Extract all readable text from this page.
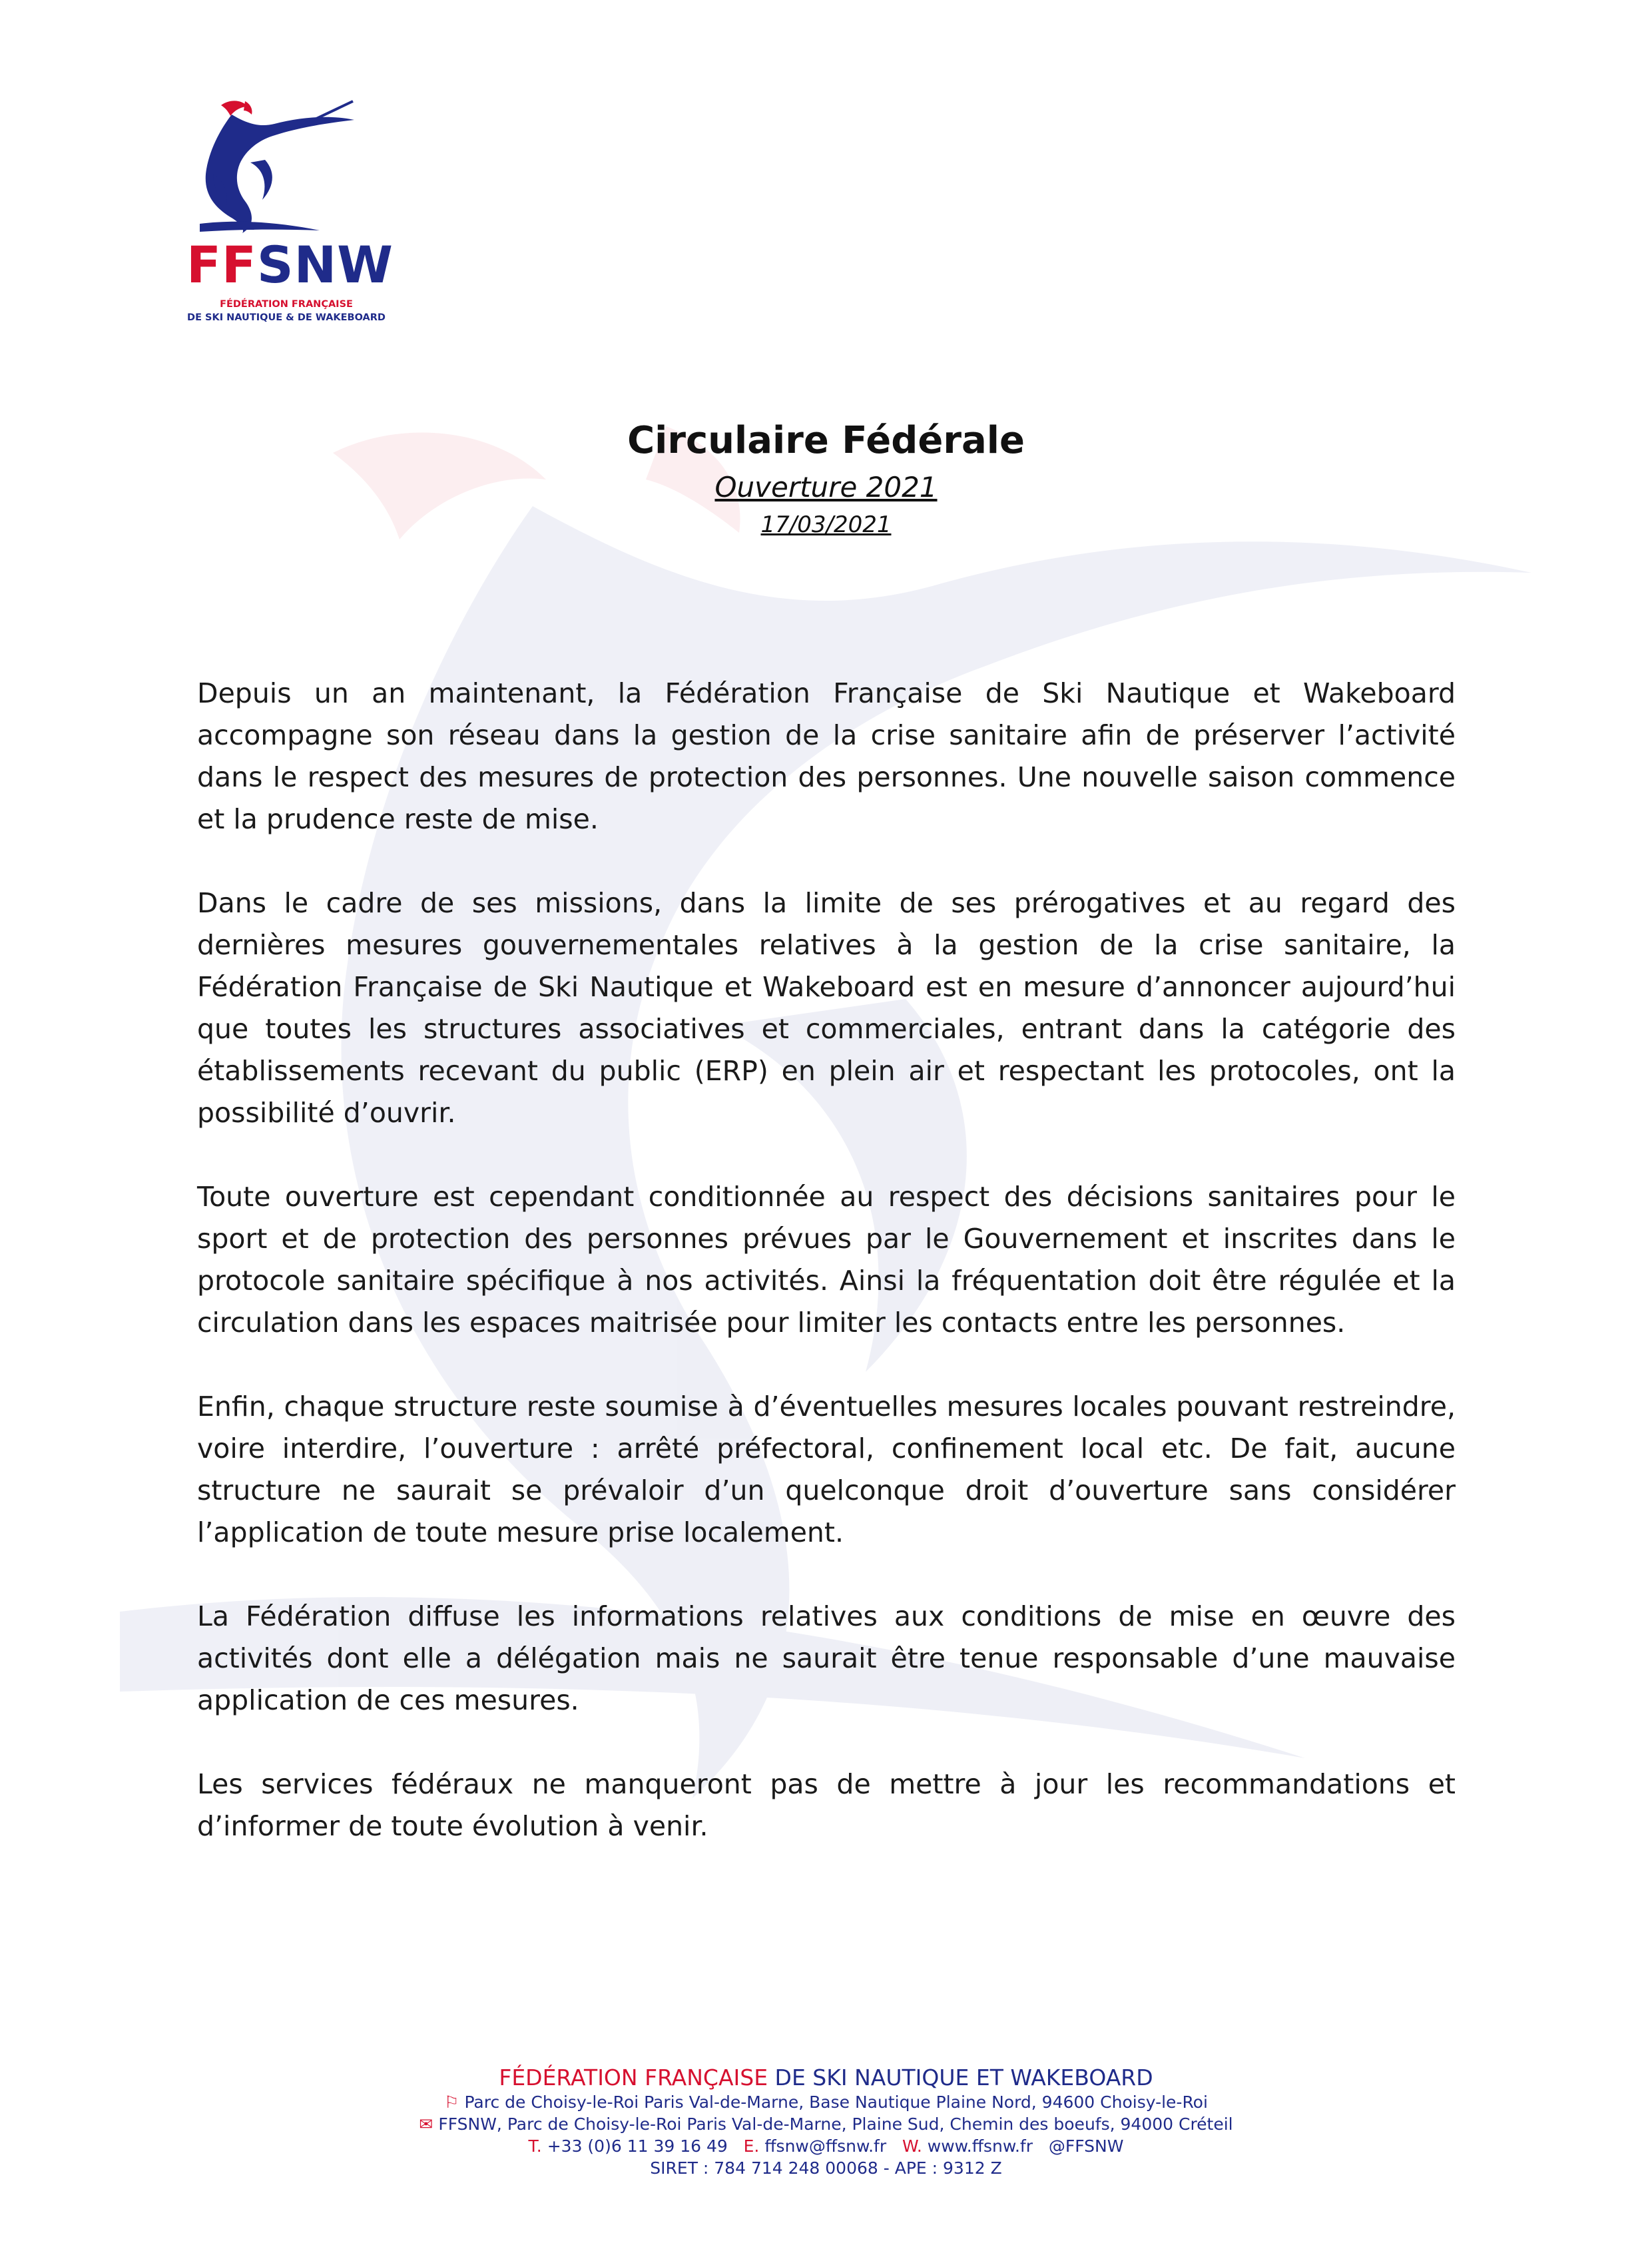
FFSNW
FÉDÉRATION FRANÇAISE
DE SKI NAUTIQUE & DE WAKEBOARD
Circulaire Fédérale
Ouverture 2021
17/03/2021

Depuis un an maintenant, la Fédération Française de Ski Nautique et Wakeboard accompagne son réseau dans la gestion de la crise sanitaire afin de préserver l’activité dans le respect des mesures de protection des personnes. Une nouvelle saison commence et la prudence reste de mise.

Dans le cadre de ses missions, dans la limite de ses prérogatives et au regard des dernières mesures gouvernementales relatives à la gestion de la crise sanitaire, la Fédération Française de Ski Nautique et Wakeboard est en mesure d’annoncer aujourd’hui que toutes les structures associatives et commerciales, entrant dans la catégorie des établissements recevant du public (ERP) en plein air et respectant les protocoles, ont la possibilité d’ouvrir.

Toute ouverture est cependant conditionnée au respect des décisions sanitaires pour le sport et de protection des personnes prévues par le Gouvernement et inscrites dans le protocole sanitaire spécifique à nos activités. Ainsi la fréquentation doit être régulée et la circulation dans les espaces maitrisée pour limiter les contacts entre les personnes.

Enfin, chaque structure reste soumise à d’éventuelles mesures locales pouvant restreindre, voire interdire, l’ouverture : arrêté préfectoral, confinement local etc. De fait, aucune structure ne saurait se prévaloir d’un quelconque droit d’ouverture sans considérer l’application de toute mesure prise localement.

La Fédération diffuse les informations relatives aux conditions de mise en œuvre des activités dont elle a délégation mais ne saurait être tenue responsable d’une mauvaise application de ces mesures.

Les services fédéraux ne manqueront pas de mettre à jour les recommandations et d’informer de toute évolution à venir.

FÉDÉRATION FRANÇAISE DE SKI NAUTIQUE ET WAKEBOARD
⚐ Parc de Choisy-le-Roi Paris Val-de-Marne, Base Nautique Plaine Nord, 94600 Choisy-le-Roi
✉ FFSNW, Parc de Choisy-le-Roi Paris Val-de-Marne, Plaine Sud, Chemin des boeufs, 94000 Créteil
T. +33 (0)6 11 39 16 49 E. ffsnw@ffsnw.fr W. www.ffsnw.fr @FFSNW
SIRET : 784 714 248 00068 - APE : 9312 Z
